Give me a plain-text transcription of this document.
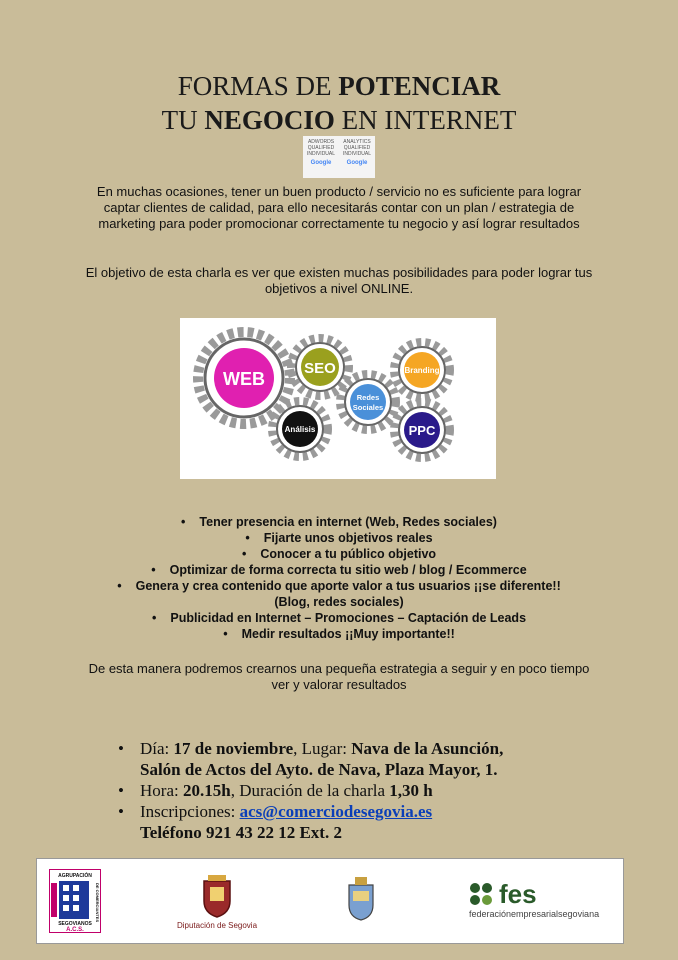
FORMAS DE POTENCIAR
TU NEGOCIO EN INTERNET
ADWORDS
QUALIFIED
INDIVIDUAL
Google
ANALYTICS
QUALIFIED
INDIVIDUAL
Google
En muchas ocasiones, tener un buen producto / servicio no es suficiente para lograr captar clientes de calidad, para ello necesitarás contar con un plan / estrategia de marketing para poder promocionar correctamente tu negocio y así lograr resultados
El objetivo de esta charla es ver que existen muchas posibilidades para poder lograr tus objetivos a nivel ONLINE.
WEB
SEO	Branding
Redes
Sociales
Análisis	PPC
• Tener presencia en internet (Web, Redes sociales)
• Fijarte unos objetivos reales
• Conocer a tu público objetivo
• Optimizar de forma correcta tu sitio web / blog / Ecommerce
• Genera y crea contenido que aporte valor a tus usuarios ¡¡se diferente!! (Blog, redes sociales)
• Publicidad en Internet – Promociones – Captación de Leads
• Medir resultados ¡¡Muy importante!!
De esta manera podremos crearnos una pequeña estrategia a seguir y en poco tiempo ver y valorar resultados
• Día: 17 de noviembre, Lugar: Nava de la Asunción,
Salón de Actos del Ayto. de Nava, Plaza Mayor, 1.
• Hora: 20.15h, Duración de la charla 1,30 h
• Inscripciones: acs@comerciodesegovia.es
Teléfono 921 43 22 12 Ext. 2
AGRUPACIÓN
DE COMERCIANTES
SEGOVIANOS
A.C.S.	Diputación de Segovia
fes
federaciónempresarialsegoviana
